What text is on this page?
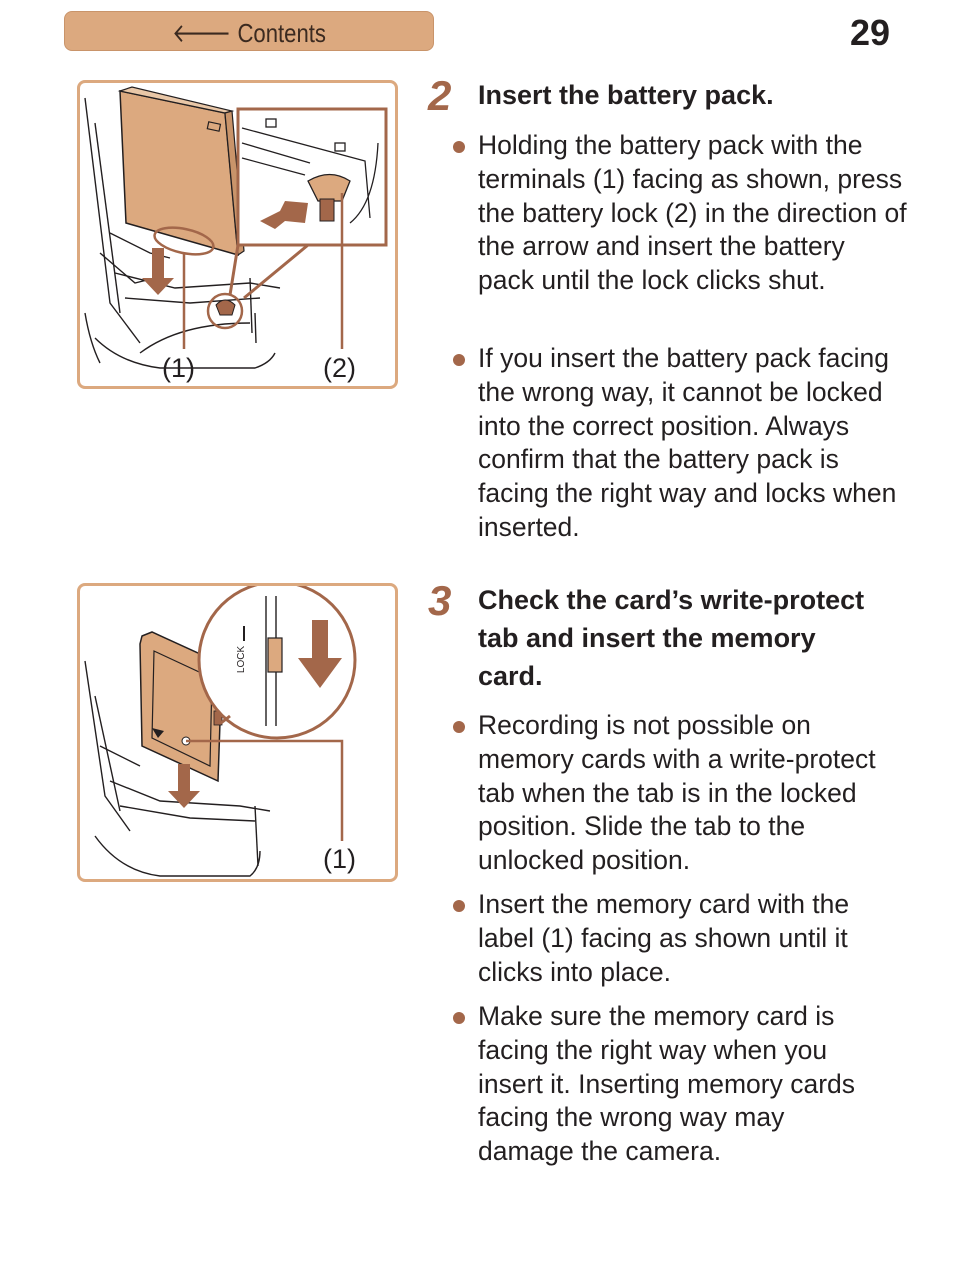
🡐 Contents	29
(1)	(2)
LOCK
(1)
2 Insert the battery pack.
Holding the battery pack with the terminals (1) facing as shown, press the battery lock (2) in the direction of the arrow and insert the battery pack until the lock clicks shut.
If you insert the battery pack facing the wrong way, it cannot be locked into the correct position. Always confirm that the battery pack is facing the right way and locks when inserted.
3 Check the card’s write-protect tab and insert the memory card.
Recording is not possible on memory cards with a write-protect tab when the tab is in the locked position. Slide the tab to the unlocked position.
Insert the memory card with the label (1) facing as shown until it clicks into place.
Make sure the memory card is facing the right way when you insert it. Inserting memory cards facing the wrong way may damage the camera.
